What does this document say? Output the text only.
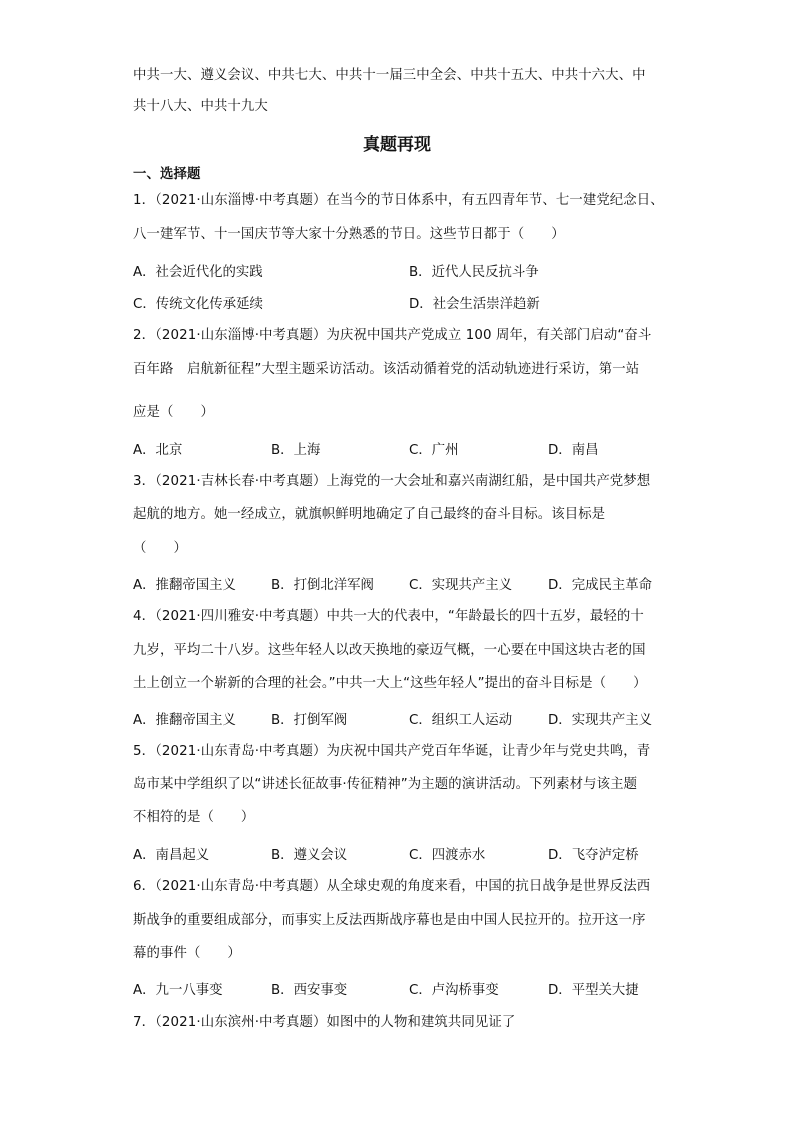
中共一大、遵义会议、中共七大、中共十一届三中全会、中共十五大、中共十六大、中
共十八大、中共十九大
真题再现
一、选择题
1．（2021·山东淄博·中考真题）在当今的节日体系中，有五四青年节、七一建党纪念日、
八一建军节、十一国庆节等大家十分熟悉的节日。这些节日都于（　　）
A．社会近代化的实践	B．近代人民反抗斗争
C．传统文化传承延续	D．社会生活崇洋趋新
2．（2021·山东淄博·中考真题）为庆祝中国共产党成立 100 周年，有关部门启动“奋斗
百年路　启航新征程”大型主题采访活动。该活动循着党的活动轨迹进行采访，第一站
应是（　　）
A．北京	B．上海	C．广州	D．南昌
3．（2021·吉林长春·中考真题）上海党的一大会址和嘉兴南湖红船，是中国共产党梦想
起航的地方。她一经成立，就旗帜鲜明地确定了自己最终的奋斗目标。该目标是
（　　）
A．推翻帝国主义	B．打倒北洋军阀	C．实现共产主义	D．完成民主革命
4．（2021·四川雅安·中考真题）中共一大的代表中，“年龄最长的四十五岁，最轻的十
九岁，平均二十八岁。这些年轻人以改天换地的豪迈气概，一心要在中国这块古老的国
土上创立一个崭新的合理的社会。”中共一大上“这些年轻人”提出的奋斗目标是（　　）
A．推翻帝国主义	B．打倒军阀	C．组织工人运动	D．实现共产主义
5．（2021·山东青岛·中考真题）为庆祝中国共产党百年华诞，让青少年与党史共鸣，青
岛市某中学组织了以“讲述长征故事·传征精神”为主题的演讲活动。下列素材与该主题
不相符的是（　　）
A．南昌起义	B．遵义会议	C．四渡赤水	D．飞夺泸定桥
6．（2021·山东青岛·中考真题）从全球史观的角度来看，中国的抗日战争是世界反法西
斯战争的重要组成部分，而事实上反法西斯战序幕也是由中国人民拉开的。拉开这一序
幕的事件（　　）
A．九一八事变	B．西安事变	C．卢沟桥事变	D．平型关大捷
7．（2021·山东滨州·中考真题）如图中的人物和建筑共同见证了
